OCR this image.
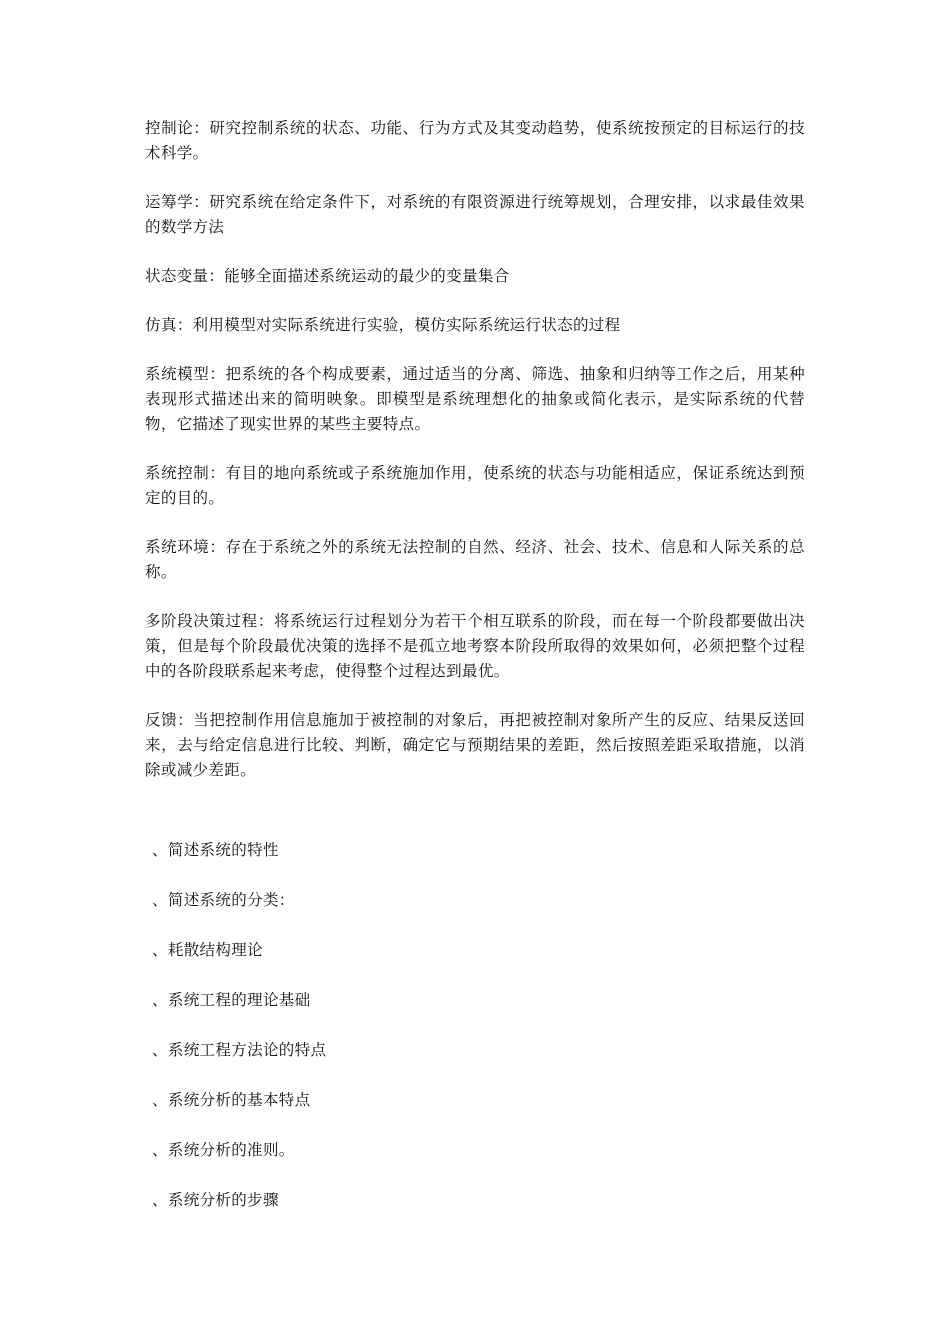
控制论：研究控制系统的状态、功能、行为方式及其变动趋势，使系统按预定的目标运行的技术科学。

运筹学：研究系统在给定条件下，对系统的有限资源进行统筹规划，合理安排，以求最佳效果的数学方法

状态变量：能够全面描述系统运动的最少的变量集合

仿真：利用模型对实际系统进行实验，模仿实际系统运行状态的过程

系统模型：把系统的各个构成要素，通过适当的分离、筛选、抽象和归纳等工作之后，用某种表现形式描述出来的简明映象。即模型是系统理想化的抽象或简化表示，是实际系统的代替物，它描述了现实世界的某些主要特点。

系统控制：有目的地向系统或子系统施加作用，使系统的状态与功能相适应，保证系统达到预定的目的。

系统环境：存在于系统之外的系统无法控制的自然、经济、社会、技术、信息和人际关系的总称。

多阶段决策过程：将系统运行过程划分为若干个相互联系的阶段，而在每一个阶段都要做出决策，但是每个阶段最优决策的选择不是孤立地考察本阶段所取得的效果如何，必须把整个过程中的各阶段联系起来考虑，使得整个过程达到最优。

反馈：当把控制作用信息施加于被控制的对象后，再把被控制对象所产生的反应、结果反送回来，去与给定信息进行比较、判断，确定它与预期结果的差距，然后按照差距采取措施，以消除或减少差距。

、简述系统的特性
、简述系统的分类：
、耗散结构理论
、系统工程的理论基础
、系统工程方法论的特点
、系统分析的基本特点
、系统分析的准则。
、系统分析的步骤
